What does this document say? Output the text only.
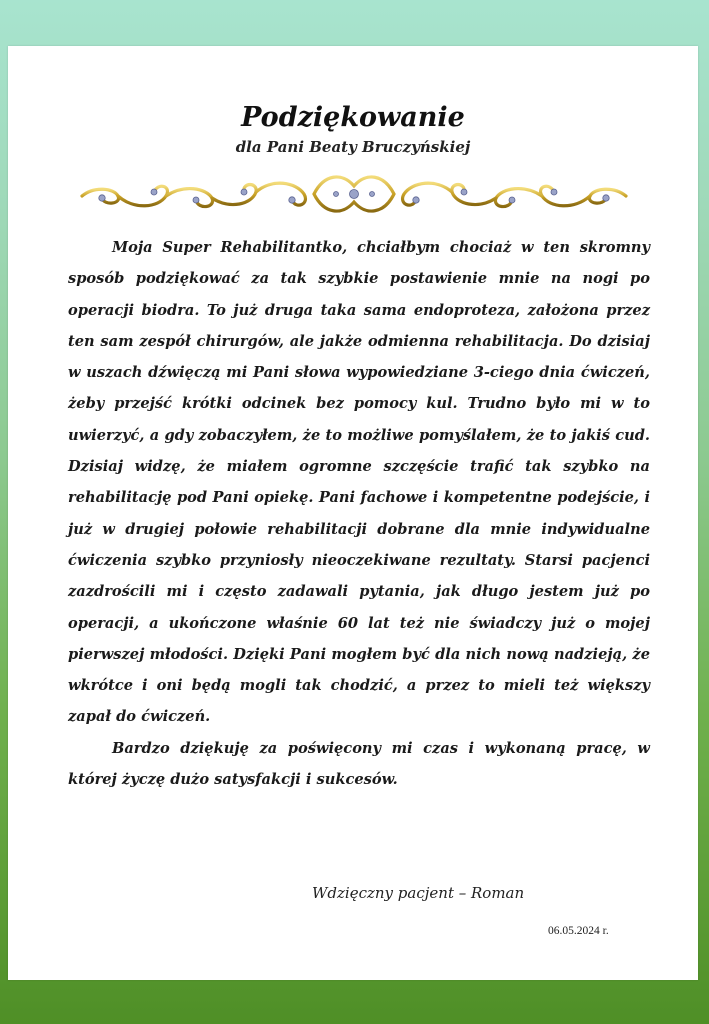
Podziękowanie
dla Pani Beaty Bruczyńskiej

Moja Super Rehabilitantko, chciałbym chociaż w ten skromny sposób podziękować za tak szybkie postawienie mnie na nogi po operacji biodra. To już druga taka sama endoproteza, założona przez ten sam zespół chirurgów, ale jakże odmienna rehabilitacja. Do dzisiaj w uszach dźwięczą mi Pani słowa wypowiedziane 3-ciego dnia ćwiczeń, żeby przejść krótki odcinek bez pomocy kul. Trudno było mi w to uwierzyć, a gdy zobaczyłem, że to możliwe pomyślałem, że to jakiś cud. Dzisiaj widzę, że miałem ogromne szczęście trafić tak szybko na rehabilitację pod Pani opiekę. Pani fachowe i kompetentne podejście, i już w drugiej połowie rehabilitacji dobrane dla mnie indywidualne ćwiczenia szybko przyniosły nieoczekiwane rezultaty. Starsi pacjenci zazdrościli mi i często zadawali pytania, jak długo jestem już po operacji, a ukończone właśnie 60 lat też nie świadczy już o mojej pierwszej młodości. Dzięki Pani mogłem być dla nich nową nadzieją, że wkrótce i oni będą mogli tak chodzić, a przez to mieli też większy zapał do ćwiczeń.

Bardzo dziękuję za poświęcony mi czas i wykonaną pracę, w której życzę dużo satysfakcji i sukcesów.

Wdzięczny pacjent – Roman
06.05.2024 r.
